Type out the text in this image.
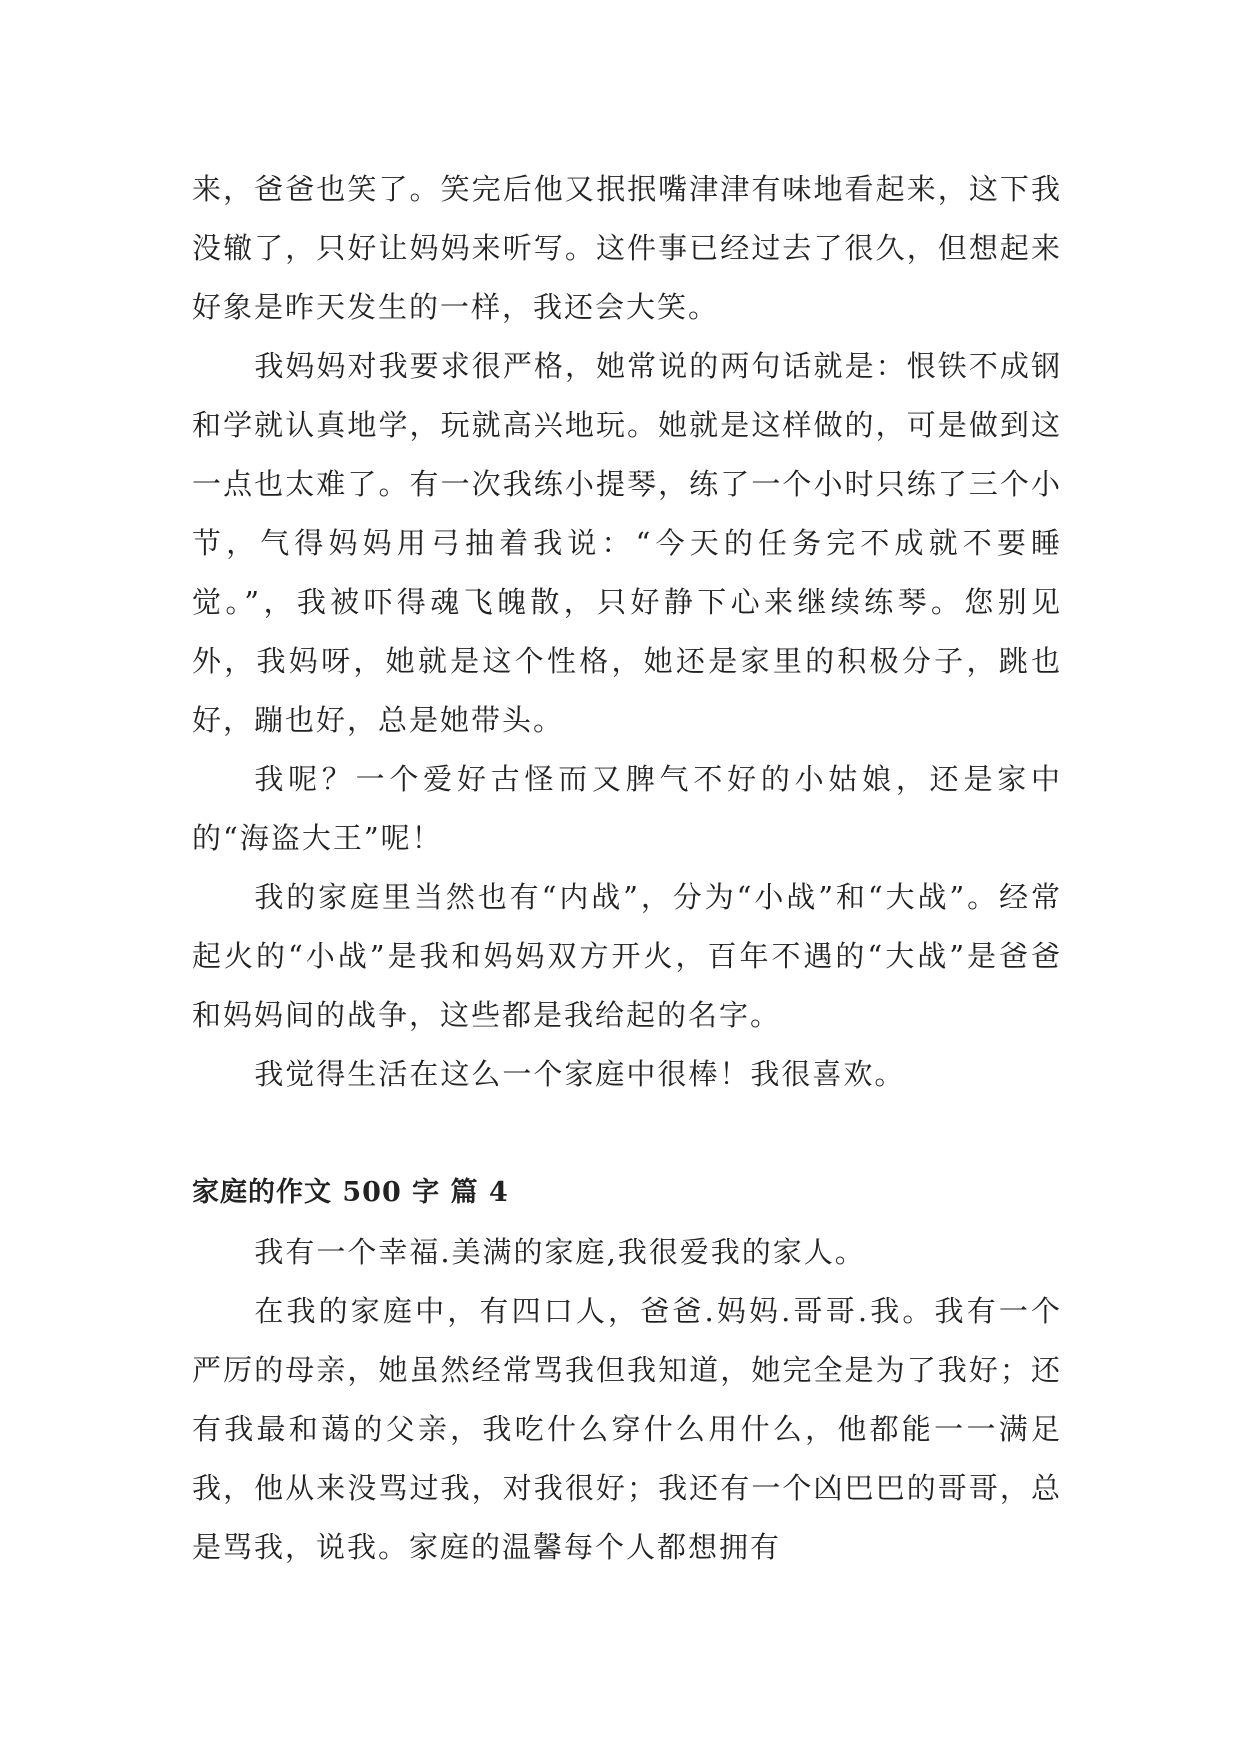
来，爸爸也笑了。笑完后他又抿抿嘴津津有味地看起来，这下我没辙了，只好让妈妈来听写。这件事已经过去了很久，但想起来好象是昨天发生的一样，我还会大笑。

我妈妈对我要求很严格，她常说的两句话就是：恨铁不成钢和学就认真地学，玩就高兴地玩。她就是这样做的，可是做到这一点也太难了。有一次我练小提琴，练了一个小时只练了三个小节，气得妈妈用弓抽着我说：“今天的任务完不成就不要睡觉。”，我被吓得魂飞魄散，只好静下心来继续练琴。您别见外，我妈呀，她就是这个性格，她还是家里的积极分子，跳也好，蹦也好，总是她带头。

我呢？一个爱好古怪而又脾气不好的小姑娘，还是家中的“海盗大王”呢！

我的家庭里当然也有“内战”，分为“小战”和“大战”。经常起火的“小战”是我和妈妈双方开火，百年不遇的“大战”是爸爸和妈妈间的战争，这些都是我给起的名字。

我觉得生活在这么一个家庭中很棒！我很喜欢。

家庭的作文 500 字 篇 4

我有一个幸福.美满的家庭,我很爱我的家人。

在我的家庭中，有四口人，爸爸.妈妈.哥哥.我。我有一个严厉的母亲，她虽然经常骂我但我知道，她完全是为了我好；还有我最和蔼的父亲，我吃什么穿什么用什么，他都能一一满足我，他从来没骂过我，对我很好；我还有一个凶巴巴的哥哥，总是骂我，说我。家庭的温馨每个人都想拥有
